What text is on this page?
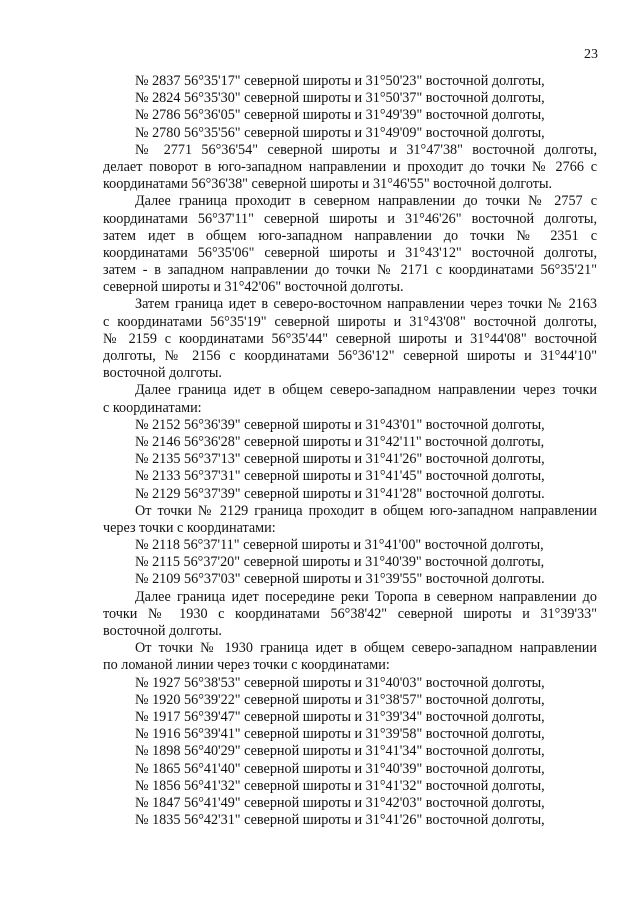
23
№ 2837 56°35'17" северной широты и 31°50'23" восточной долготы,
№ 2824 56°35'30" северной широты и 31°50'37" восточной долготы,
№ 2786 56°36'05" северной широты и 31°49'39" восточной долготы,
№ 2780 56°35'56" северной широты и 31°49'09" восточной долготы,
№ 2771 56°36'54" северной широты и 31°47'38" восточной долготы,
делает поворот в юго-западном направлении и проходит до точки № 2766 с
координатами 56°36'38" северной широты и 31°46'55" восточной долготы.
Далее граница проходит в северном направлении до точки № 2757 с
координатами 56°37'11" северной широты и 31°46'26" восточной долготы,
затем идет в общем юго-западном направлении до точки № 2351 с
координатами 56°35'06" северной широты и 31°43'12" восточной долготы,
затем - в западном направлении до точки № 2171 с координатами 56°35'21"
северной широты и 31°42'06" восточной долготы.
Затем граница идет в северо-восточном направлении через точки № 2163
с координатами 56°35'19" северной широты и 31°43'08" восточной долготы,
№ 2159 с координатами 56°35'44" северной широты и 31°44'08" восточной
долготы, № 2156 с координатами 56°36'12" северной широты и 31°44'10"
восточной долготы.
Далее граница идет в общем северо-западном направлении через точки
с координатами:
№ 2152 56°36'39" северной широты и 31°43'01" восточной долготы,
№ 2146 56°36'28" северной широты и 31°42'11" восточной долготы,
№ 2135 56°37'13" северной широты и 31°41'26" восточной долготы,
№ 2133 56°37'31" северной широты и 31°41'45" восточной долготы,
№ 2129 56°37'39" северной широты и 31°41'28" восточной долготы.
От точки № 2129 граница проходит в общем юго-западном направлении
через точки с координатами:
№ 2118 56°37'11" северной широты и 31°41'00" восточной долготы,
№ 2115 56°37'20" северной широты и 31°40'39" восточной долготы,
№ 2109 56°37'03" северной широты и 31°39'55" восточной долготы.
Далее граница идет посередине реки Торопа в северном направлении до
точки № 1930 с координатами 56°38'42" северной широты и 31°39'33"
восточной долготы.
От точки № 1930 граница идет в общем северо-западном направлении
по ломаной линии через точки с координатами:
№ 1927 56°38'53" северной широты и 31°40'03" восточной долготы,
№ 1920 56°39'22" северной широты и 31°38'57" восточной долготы,
№ 1917 56°39'47" северной широты и 31°39'34" восточной долготы,
№ 1916 56°39'41" северной широты и 31°39'58" восточной долготы,
№ 1898 56°40'29" северной широты и 31°41'34" восточной долготы,
№ 1865 56°41'40" северной широты и 31°40'39" восточной долготы,
№ 1856 56°41'32" северной широты и 31°41'32" восточной долготы,
№ 1847 56°41'49" северной широты и 31°42'03" восточной долготы,
№ 1835 56°42'31" северной широты и 31°41'26" восточной долготы,
